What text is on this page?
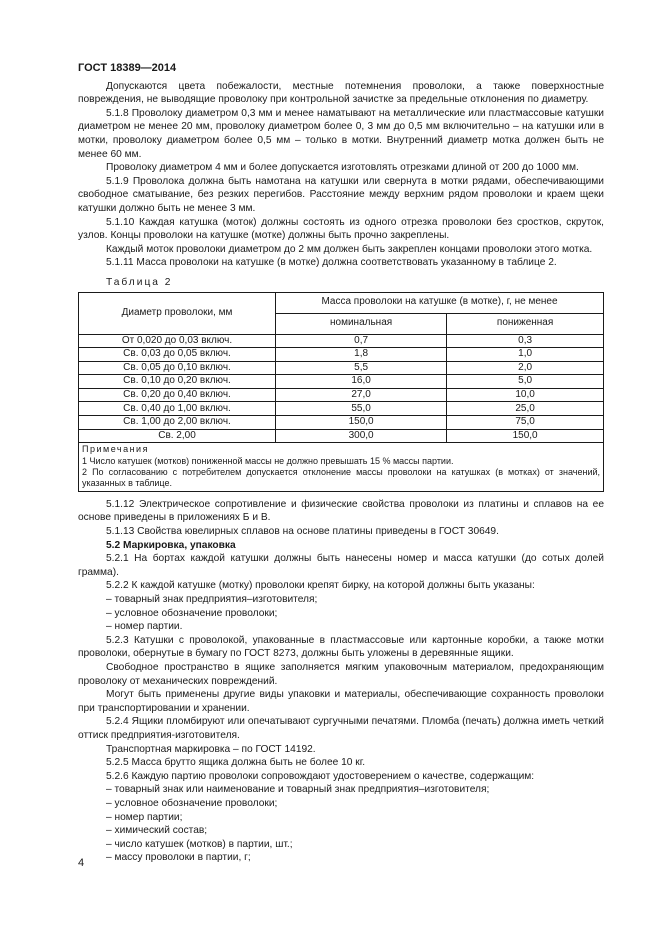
ГОСТ 18389—2014

Допускаются цвета побежалости, местные потемнения проволоки, а также поверхностные повреждения, не выводящие проволоку при контрольной зачистке за предельные отклонения по диаметру.

5.1.8 Проволоку диаметром 0,3 мм и менее наматывают на металлические или пластмассовые катушки диаметром не менее 20 мм, проволоку диаметром более 0, 3 мм до 0,5 мм включительно – на катушки или в мотки, проволоку диаметром более 0,5 мм – только в мотки. Внутренний диаметр мотка должен быть не менее 60 мм.

Проволоку диаметром 4 мм и более допускается изготовлять отрезками длиной от 200 до 1000 мм.

5.1.9 Проволока должна быть намотана на катушки или свернута в мотки рядами, обеспечивающими свободное сматывание, без резких перегибов. Расстояние между верхним рядом проволоки и краем щеки катушки должно быть не менее 3 мм.

5.1.10 Каждая катушка (моток) должны состоять из одного отрезка проволоки без сростков, скруток, узлов. Концы проволоки на катушке (мотке) должны быть прочно закреплены.

Каждый моток проволоки диаметром до 2 мм должен быть закреплен концами проволоки этого мотка.

5.1.11 Масса проволоки на катушке (в мотке) должна соответствовать указанному в таблице 2.

Таблица 2
Диаметр проволоки, мм	Масса проволоки на катушке (в мотке), г, не менее	
	номинальная	пониженная
От 0,020 до 0,03 включ.	0,7	0,3
Св. 0,03 до 0,05 включ.	1,8	1,0
Св. 0,05 до 0,10 включ.	5,5	2,0
Св. 0,10 до 0,20 включ.	16,0	5,0
Св. 0,20 до 0,40 включ.	27,0	10,0
Св. 0,40 до 1,00 включ.	55,0	25,0
Св. 1,00 до 2,00 включ.	150,0	75,0
Св. 2,00	300,0	150,0

Примечания
1 Число катушек (мотков) пониженной массы не должно превышать 15 % массы партии.
2 По согласованию с потребителем допускается отклонение массы проволоки на катушках (в мотках) от значений, указанных в таблице.		

5.1.12 Электрическое сопротивление и физические свойства проволоки из платины и сплавов на ее основе приведены в приложениях Б и В.

5.1.13 Свойства ювелирных сплавов на основе платины приведены в ГОСТ 30649.

5.2 Маркировка, упаковка

5.2.1 На бортах каждой катушки должны быть нанесены номер и масса катушки (до сотых долей грамма).

5.2.2 К каждой катушке (мотку) проволоки крепят бирку, на которой должны быть указаны:

– товарный знак предприятия–изготовителя;

– условное обозначение проволоки;

– номер партии.

5.2.3 Катушки с проволокой, упакованные в пластмассовые или картонные коробки, а также мотки проволоки, обернутые в бумагу по ГОСТ 8273, должны быть уложены в деревянные ящики.

Свободное пространство в ящике заполняется мягким упаковочным материалом, предохраняющим проволоку от механических повреждений.

Могут быть применены другие виды упаковки и материалы, обеспечивающие сохранность проволоки при транспортировании и хранении.

5.2.4 Ящики пломбируют или опечатывают сургучными печатями. Пломба (печать) должна иметь четкий оттиск предприятия-изготовителя.

Транспортная маркировка – по ГОСТ 14192.

5.2.5 Масса брутто ящика должна быть не более 10 кг.

5.2.6 Каждую партию проволоки сопровождают удостоверением о качестве, содержащим:

– товарный знак или наименование и товарный знак предприятия–изготовителя;

– условное обозначение проволоки;

– номер партии;

– химический состав;

– число катушек (мотков) в партии, шт.;

– массу проволоки в партии, г;

4
